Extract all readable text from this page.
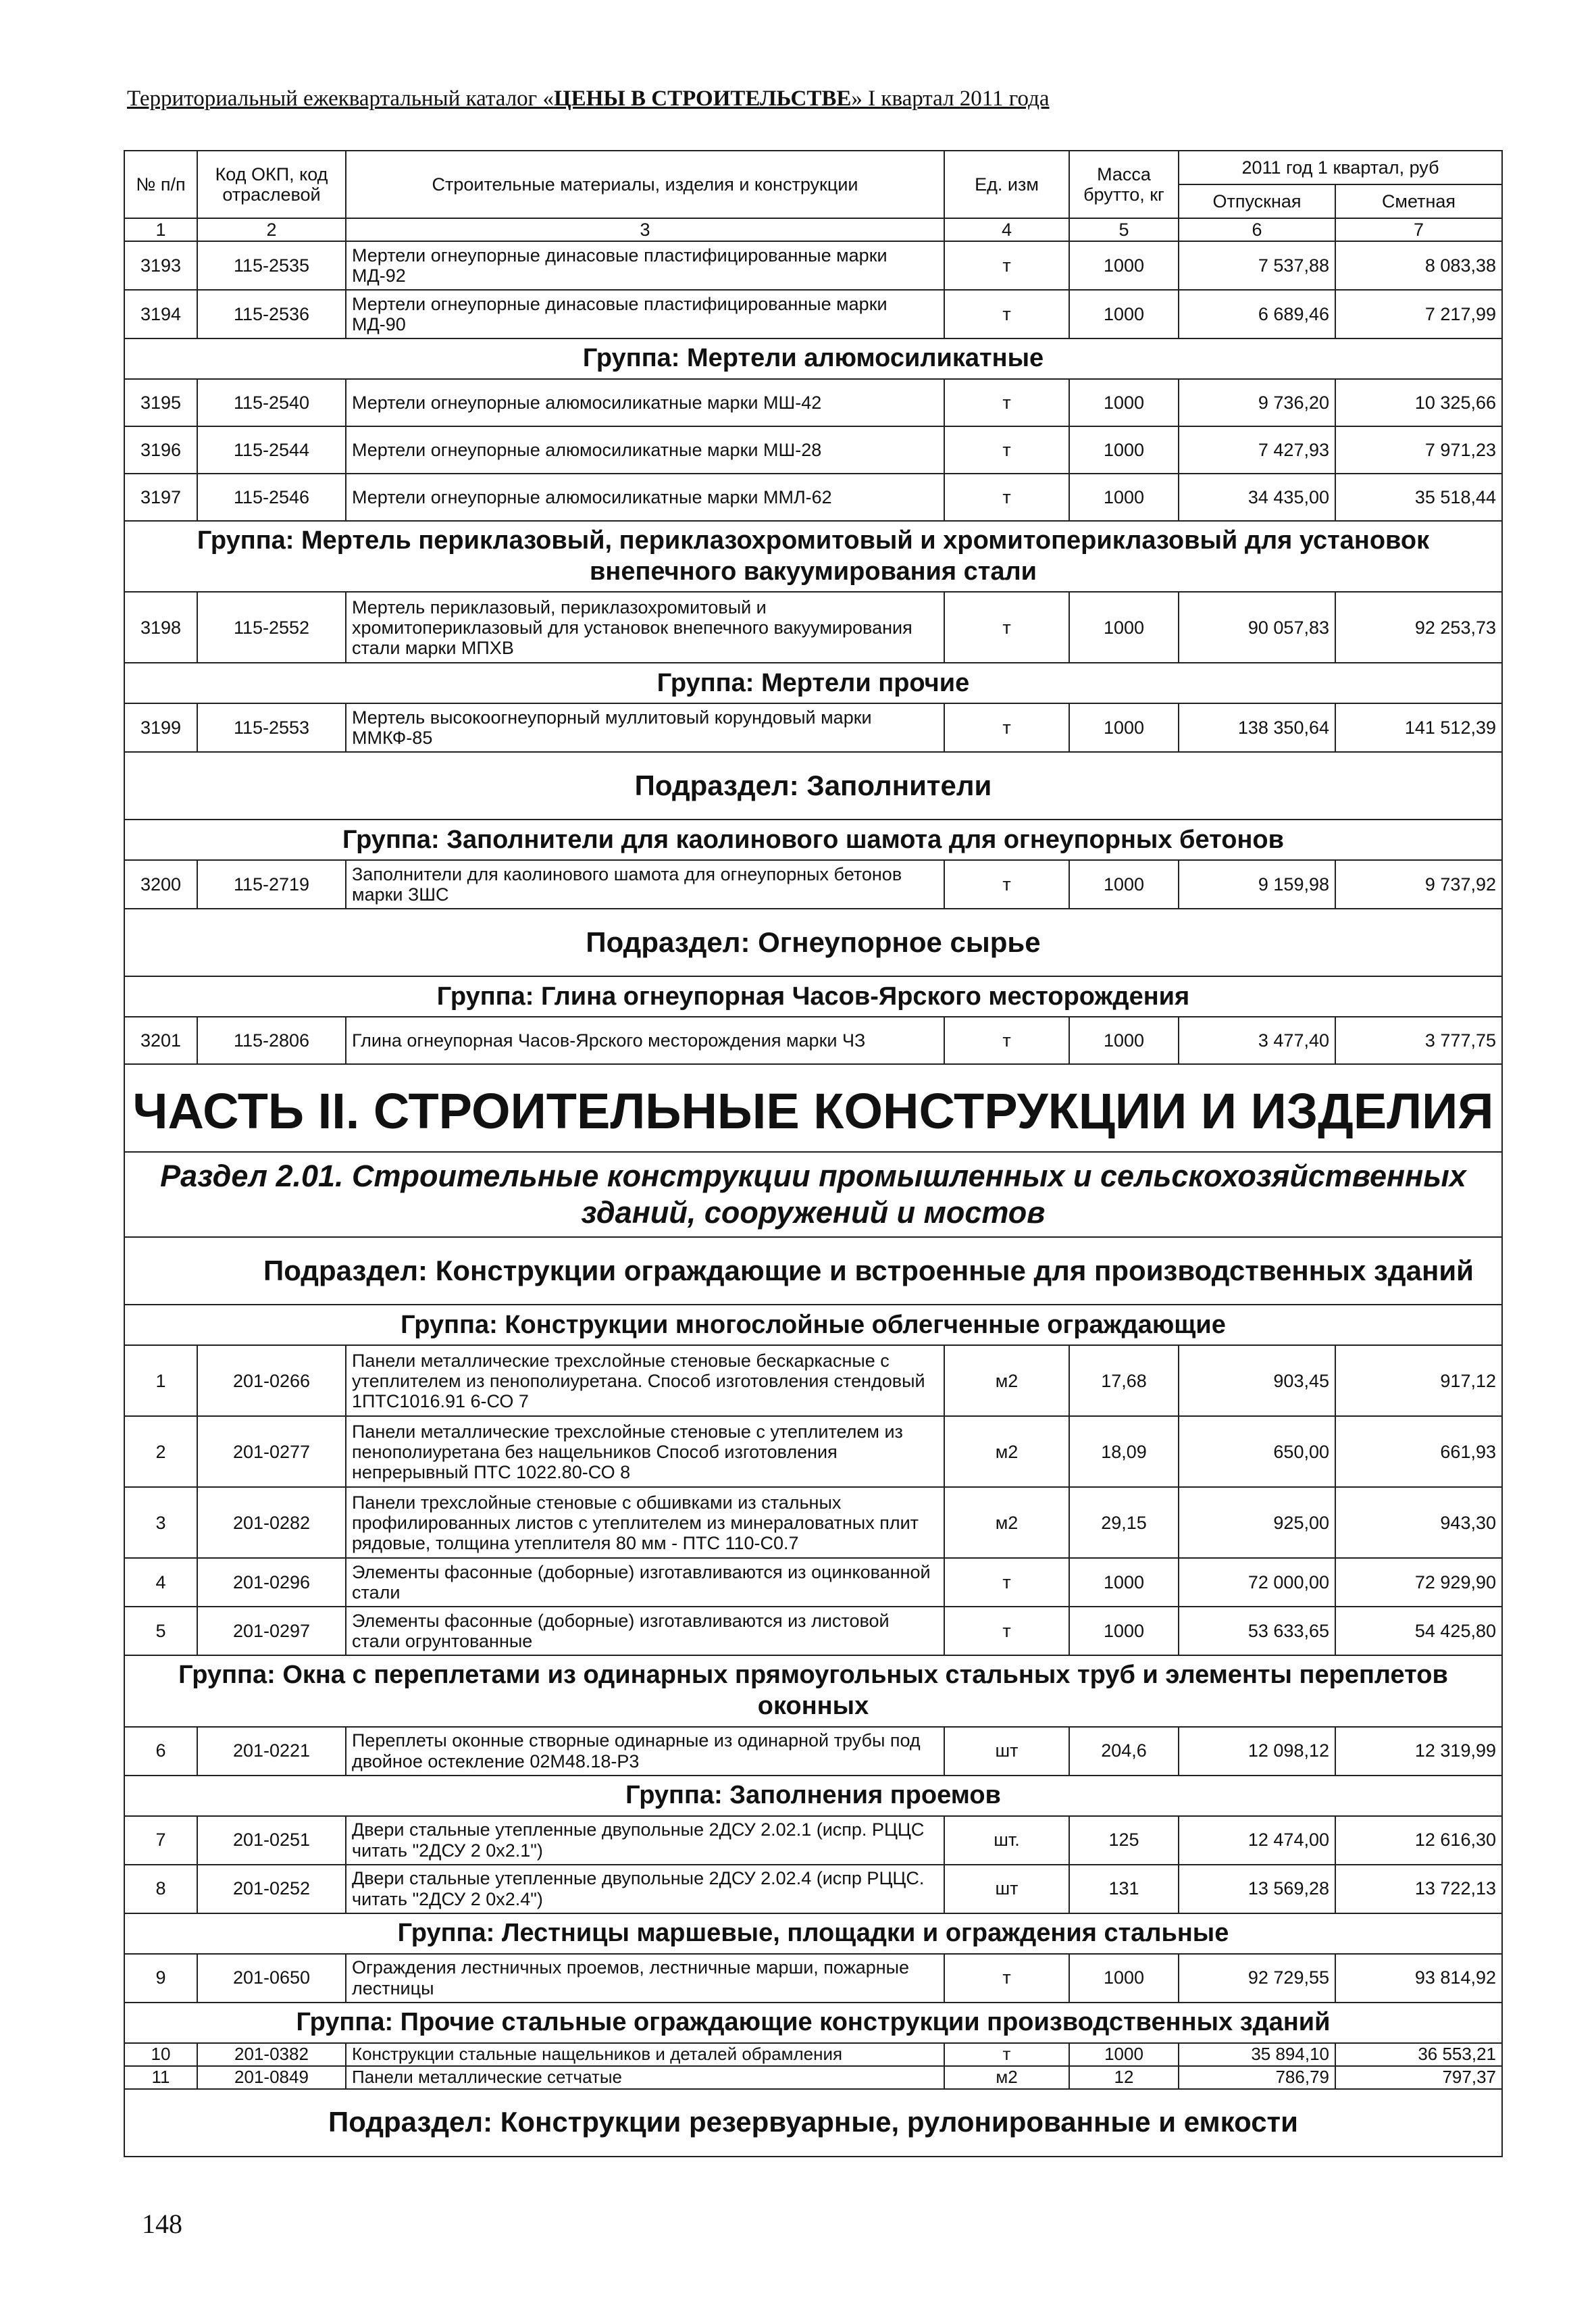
Территориальный ежеквартальный каталог «ЦЕНЫ В СТРОИТЕЛЬСТВЕ» I квартал 2011 года
№ п/п	Код ОКП, код отраслевой	Строительные материалы, изделия и конструкции	Ед. изм	Масса брутто, кг	2011 год 1 квартал, руб	
					Отпускная	Сметная
1	2	3	4	5	6	7
3193	115-2535	Мертели огнеупорные динасовые пластифицированные марки МД-92	т	1000	7 537,88	8 083,38
3194	115-2536	Мертели огнеупорные динасовые пластифицированные марки МД-90	т	1000	6 689,46	7 217,99
Группа: Мертели алюмосиликатные						
3195	115-2540	Мертели огнеупорные алюмосиликатные марки МШ-42	т	1000	9 736,20	10 325,66
3196	115-2544	Мертели огнеупорные алюмосиликатные марки МШ-28	т	1000	7 427,93	7 971,23
3197	115-2546	Мертели огнеупорные алюмосиликатные марки ММЛ-62	т	1000	34 435,00	35 518,44
Группа: Мертель периклазовый, периклазохромитовый и хромитопериклазовый для установок внепечного вакуумирования стали						
3198	115-2552	Мертель периклазовый, периклазохромитовый и хромитопериклазовый для установок внепечного вакуумирования стали марки МПХВ	т	1000	90 057,83	92 253,73
Группа: Мертели прочие						
3199	115-2553	Мертель высокоогнеупорный муллитовый корундовый марки ММКФ-85	т	1000	138 350,64	141 512,39
Подраздел: Заполнители						
Группа: Заполнители для каолинового шамота для огнеупорных бетонов						
3200	115-2719	Заполнители для каолинового шамота для огнеупорных бетонов марки ЗШС	т	1000	9 159,98	9 737,92
Подраздел: Огнеупорное сырье						
Группа: Глина огнеупорная Часов-Ярского месторождения						
3201	115-2806	Глина огнеупорная Часов-Ярского месторождения марки ЧЗ	т	1000	3 477,40	3 777,75
ЧАСТЬ II. СТРОИТЕЛЬНЫЕ КОНСТРУКЦИИ И ИЗДЕЛИЯ						
Раздел 2.01. Строительные конструкции промышленных и сельскохозяйственных зданий, сооружений и мостов						
Подраздел: Конструкции ограждающие и встроенные для производственных зданий						
Группа: Конструкции многослойные облегченные ограждающие						
1	201-0266	Панели металлические трехслойные стеновые бескаркасные с утеплителем из пенополиуретана. Способ изготовления стендовый 1ПТС1016.91 6-СО 7	м2	17,68	903,45	917,12
2	201-0277	Панели металлические трехслойные стеновые с утеплителем из пенополиуретана без нащельников Способ изготовления непрерывный ПТС 1022.80-СО 8	м2	18,09	650,00	661,93
3	201-0282	Панели трехслойные стеновые с обшивками из стальных профилированных листов с утеплителем из минераловатных плит рядовые, толщина утеплителя 80 мм - ПТС 110-С0.7	м2	29,15	925,00	943,30
4	201-0296	Элементы фасонные (доборные) изготавливаются из оцинкованной стали	т	1000	72 000,00	72 929,90
5	201-0297	Элементы фасонные (доборные) изготавливаются из листовой стали огрунтованные	т	1000	53 633,65	54 425,80
Группа: Окна с переплетами из одинарных прямоугольных стальных труб и элементы переплетов оконных						
6	201-0221	Переплеты оконные створные одинарные из одинарной трубы под двойное остекление 02М48.18-Р3	шт	204,6	12 098,12	12 319,99
Группа: Заполнения проемов						
7	201-0251	Двери стальные утепленные двупольные 2ДСУ 2.02.1 (испр. РЦЦС читать "2ДСУ 2 0х2.1")	шт.	125	12 474,00	12 616,30
8	201-0252	Двери стальные утепленные двупольные 2ДСУ 2.02.4 (испр РЦЦС. читать "2ДСУ 2 0х2.4")	шт	131	13 569,28	13 722,13
Группа: Лестницы маршевые, площадки и ограждения стальные						
9	201-0650	Ограждения лестничных проемов, лестничные марши, пожарные лестницы	т	1000	92 729,55	93 814,92
Группа: Прочие стальные ограждающие конструкции производственных зданий						
10	201-0382	Конструкции стальные нащельников и деталей обрамления	т	1000	35 894,10	36 553,21
11	201-0849	Панели металлические сетчатые	м2	12	786,79	797,37
Подраздел: Конструкции резервуарные, рулонированные и емкости						
148
